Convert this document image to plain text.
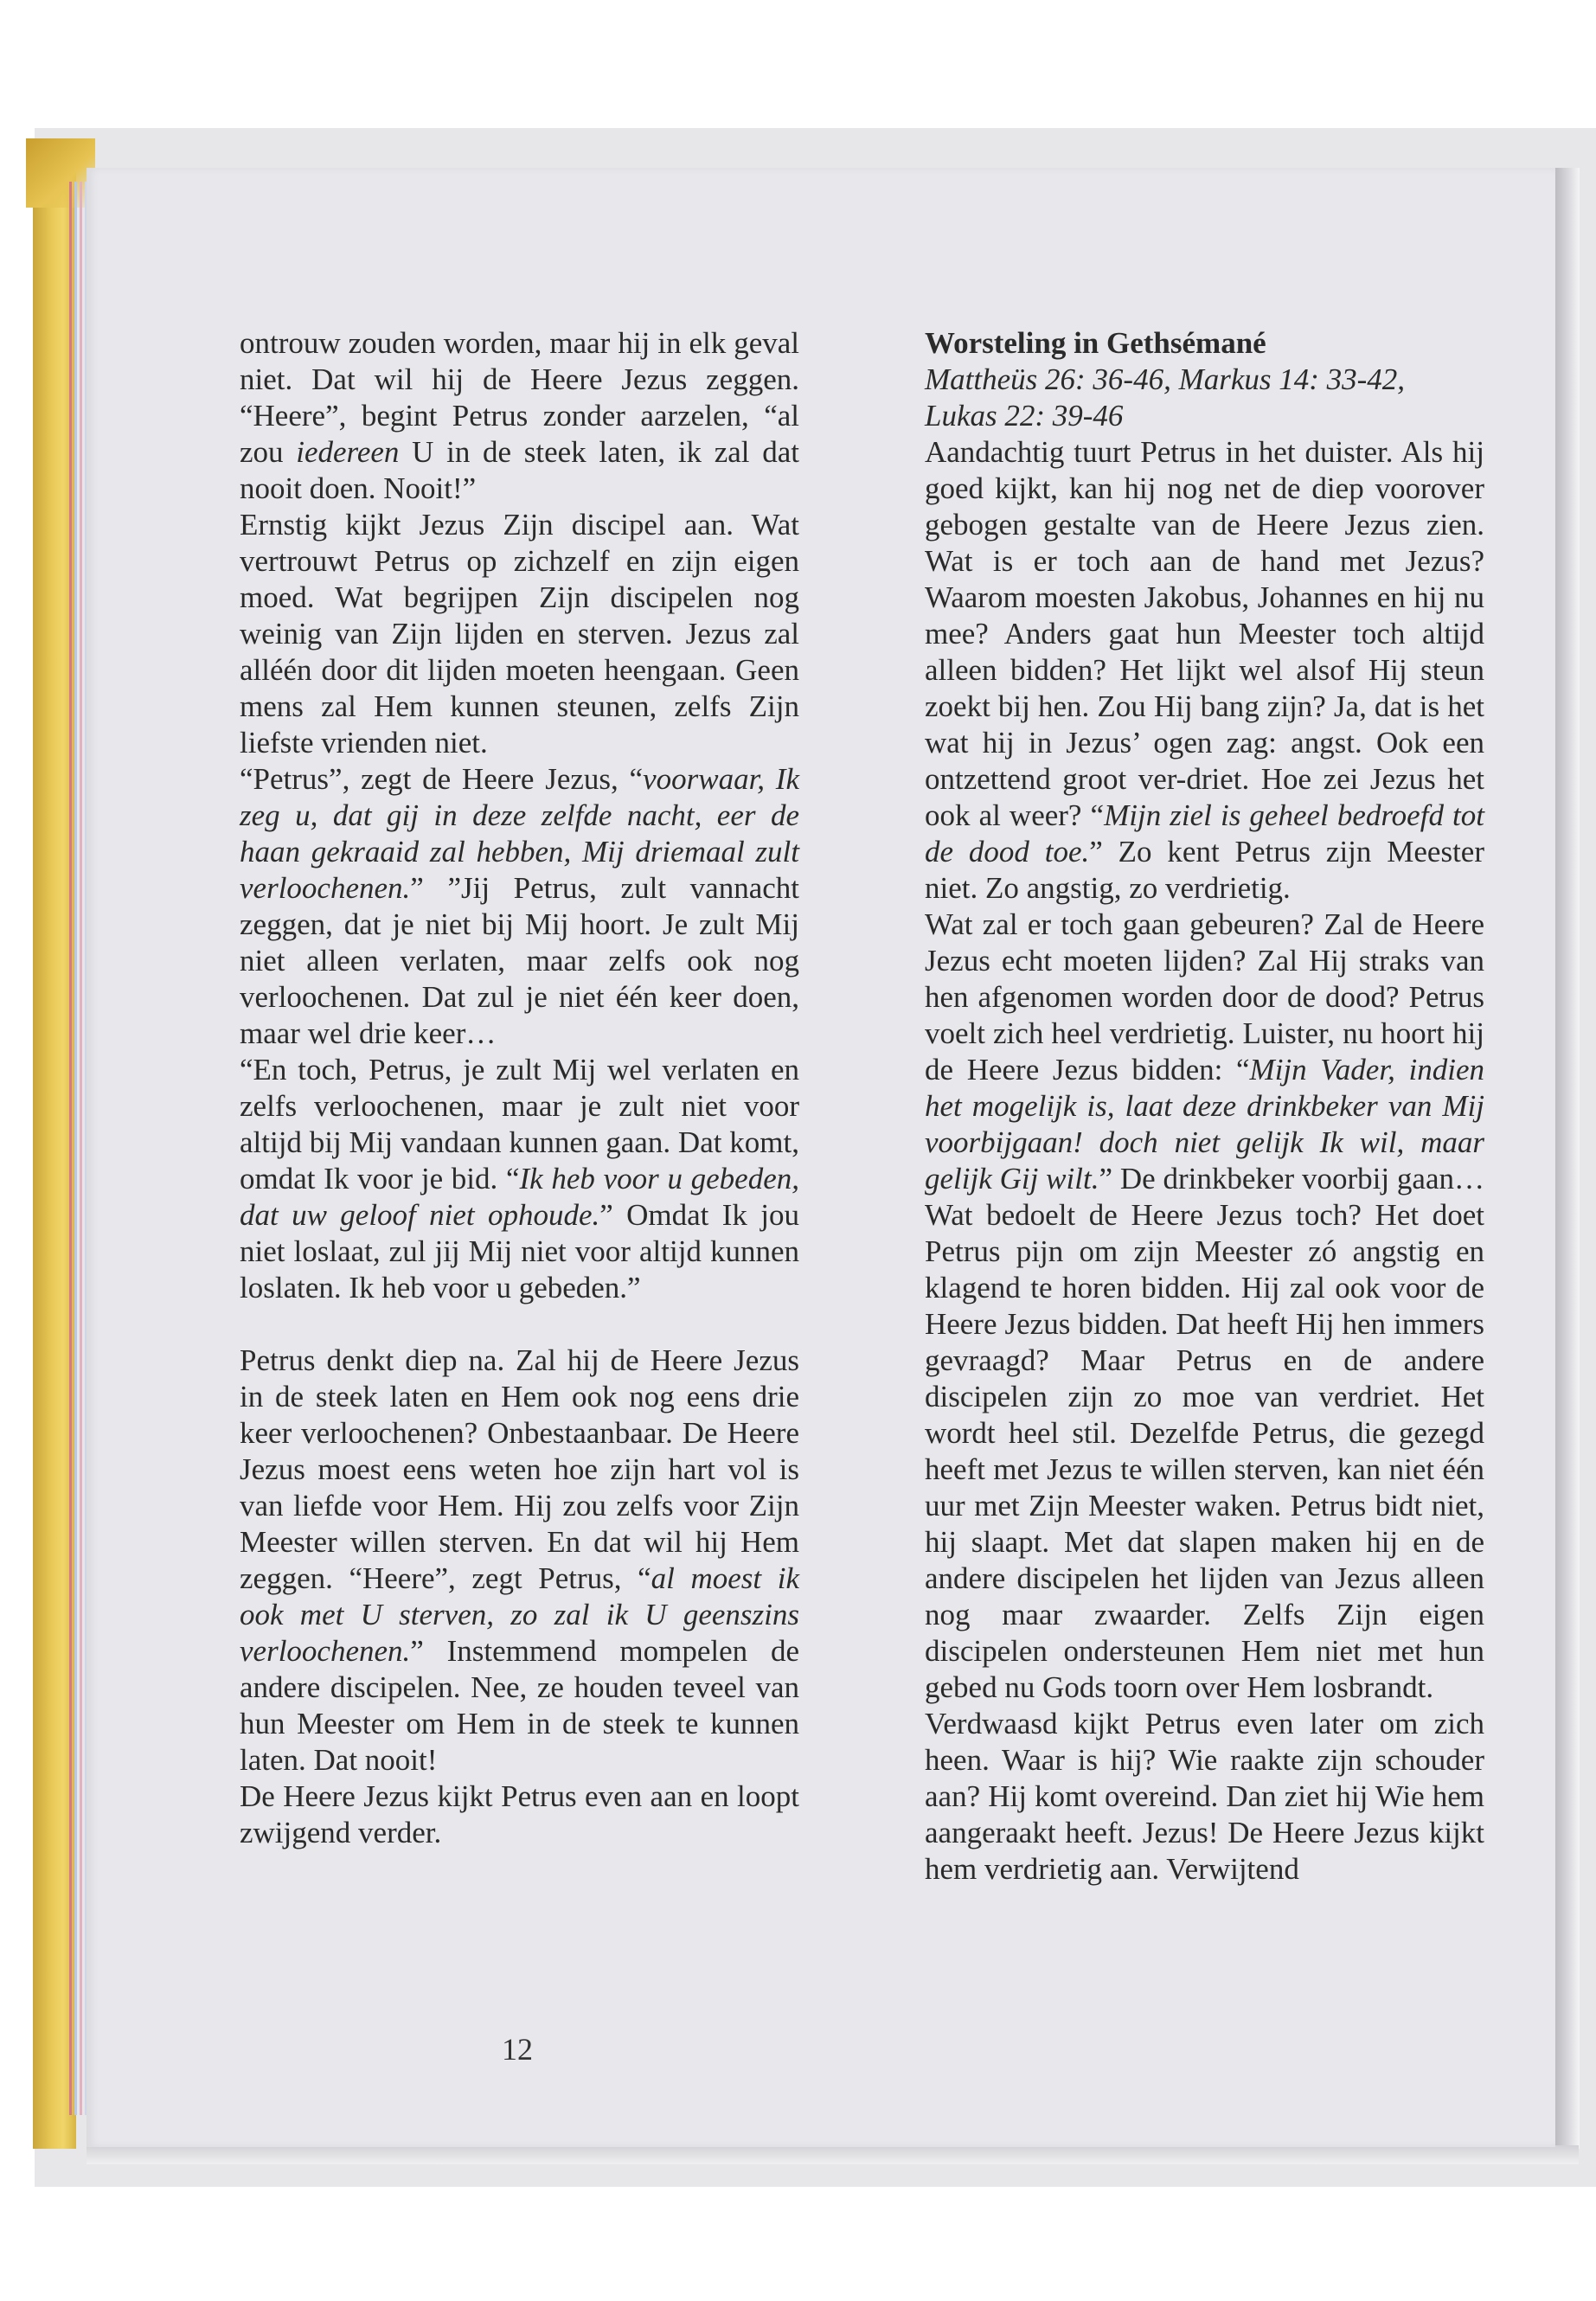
ontrouw zouden worden, maar hij in elk geval niet. Dat wil hij de Heere Jezus zeggen. “Heere”, begint Petrus zonder aarzelen, “al zou iedereen U in de steek laten, ik zal dat nooit doen. Nooit!”

Ernstig kijkt Jezus Zijn discipel aan. Wat vertrouwt Petrus op zichzelf en zijn eigen moed. Wat begrijpen Zijn discipelen nog weinig van Zijn lijden en sterven. Jezus zal alléén door dit lijden moeten heengaan. Geen mens zal Hem kunnen steunen, zelfs Zijn liefste vrienden niet.

“Petrus”, zegt de Heere Jezus, “voorwaar, Ik zeg u, dat gij in deze zelfde nacht, eer de haan gekraaid zal hebben, Mij driemaal zult verloochenen.” ”Jij Petrus, zult vannacht zeggen, dat je niet bij Mij hoort. Je zult Mij niet alleen verlaten, maar zelfs ook nog verloochenen. Dat zul je niet één keer doen, maar wel drie keer…

“En toch, Petrus, je zult Mij wel verlaten en zelfs verloochenen, maar je zult niet voor altijd bij Mij vandaan kunnen gaan. Dat komt, omdat Ik voor je bid. “Ik heb voor u gebeden, dat uw geloof niet ophoude.” Omdat Ik jou niet loslaat, zul jij Mij niet voor altijd kunnen loslaten. Ik heb voor u gebeden.”

Petrus denkt diep na. Zal hij de Heere Jezus in de steek laten en Hem ook nog eens drie keer verloochenen? Onbestaanbaar. De Heere Jezus moest eens weten hoe zijn hart vol is van liefde voor Hem. Hij zou zelfs voor Zijn Meester willen sterven. En dat wil hij Hem zeggen. “Heere”, zegt Petrus, “al moest ik ook met U sterven, zo zal ik U geenszins verloochenen.” Instemmend mompelen de andere discipelen. Nee, ze houden teveel van hun Meester om Hem in de steek te kunnen laten. Dat nooit!

De Heere Jezus kijkt Petrus even aan en loopt zwijgend verder.

Worsteling in Gethsémané

Mattheüs 26: 36-46, Markus 14: 33-42, Lukas 22: 39-46

Aandachtig tuurt Petrus in het duister. Als hij goed kijkt, kan hij nog net de diep voorover gebogen gestalte van de Heere Jezus zien. Wat is er toch aan de hand met Jezus? Waarom moesten Jakobus, Johannes en hij nu mee? Anders gaat hun Meester toch altijd alleen bidden? Het lijkt wel alsof Hij steun zoekt bij hen. Zou Hij bang zijn? Ja, dat is het wat hij in Jezus’ ogen zag: angst. Ook een ontzettend groot ver-driet. Hoe zei Jezus het ook al weer? “Mijn ziel is geheel bedroefd tot de dood toe.” Zo kent Petrus zijn Meester niet. Zo angstig, zo verdrietig.

Wat zal er toch gaan gebeuren? Zal de Heere Jezus echt moeten lijden? Zal Hij straks van hen afgenomen worden door de dood? Petrus voelt zich heel verdrietig. Luister, nu hoort hij de Heere Jezus bidden: “Mijn Vader, indien het mogelijk is, laat deze drinkbeker van Mij voorbijgaan! doch niet gelijk Ik wil, maar gelijk Gij wilt.” De drinkbeker voorbij gaan… Wat bedoelt de Heere Jezus toch? Het doet Petrus pijn om zijn Meester zó angstig en klagend te horen bidden. Hij zal ook voor de Heere Jezus bidden. Dat heeft Hij hen immers gevraagd? Maar Petrus en de andere discipelen zijn zo moe van verdriet. Het wordt heel stil. Dezelfde Petrus, die gezegd heeft met Jezus te willen sterven, kan niet één uur met Zijn Meester waken. Petrus bidt niet, hij slaapt. Met dat slapen maken hij en de andere discipelen het lijden van Jezus alleen nog maar zwaarder. Zelfs Zijn eigen discipelen ondersteunen Hem niet met hun gebed nu Gods toorn over Hem losbrandt.

Verdwaasd kijkt Petrus even later om zich heen. Waar is hij? Wie raakte zijn schouder aan? Hij komt overeind. Dan ziet hij Wie hem aangeraakt heeft. Jezus! De Heere Jezus kijkt hem verdrietig aan. Verwijtend

12
